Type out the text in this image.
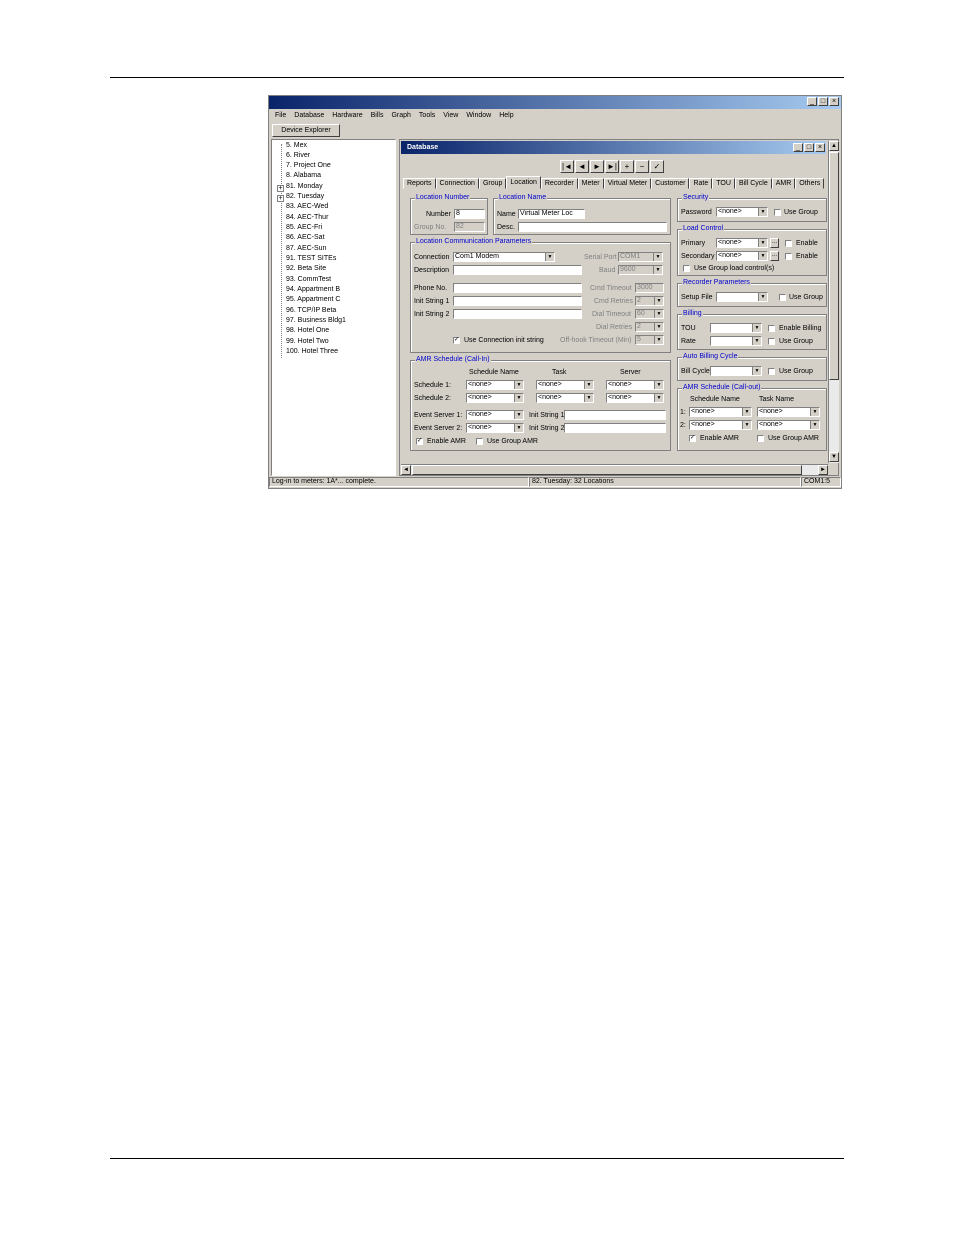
_ □ ×
File Database Hardware Bills Graph Tools View Window Help
Device Explorer
+
+
5. Mex
6. River
7. Project One
8. Alabama
81. Monday
82. Tuesday
83. AEC-Wed
84. AEC-Thur
85. AEC-Fri
86. AEC-Sat
87. AEC-Sun
91. TEST SITEs
92. Beta Site
93. CommTest
94. Appartment B
95. Appartment C
96. TCP/IP Beta
97. Business Bldg1
98. Hotel One
99. Hotel Two
100. Hotel Three
Database	_ □ ×	▲
▼
◄	►
|◄ ◄ ► ►| +	−	✓
Reports	Connection	Group	Location	Recorder	Meter	Virtual Meter	Customer	Rate	TOU	Bill Cycle	AMR	Others
Location Number
Number 8
Group No. 82
Location Name
Name Virtual Meter Loc
Desc.
Location Communication Parameters
Connection Com1 Modem	▼
Description
Serial Port COM1	▼
Baud 9600	▼
Phone No.
Init String 1
Init String 2
Cmd Timeout 3000
Cmd Retries 2	▼
Dial Timeout 60	▼
Dial Retries 2	▼
Off-hook Timeout (Min) 5	▼
✓ Use Connection init string
AMR Schedule (Call-In)
Schedule Name	Task	Server
Schedule 1: <none>	▼ <none>	▼ <none>	▼
Schedule 2: <none>	▼ <none>	▼ <none>	▼
Event Server 1: <none>	▼ Init String 1
Event Server 2: <none>	▼ Init String 2
✓ Enable AMR	Use Group AMR
Security
Password <none>	▼	Use Group
Load Control
Primary <none>	▼	...	Enable
Secondary <none>	▼	...	Enable
Use Group load control(s)
Recorder Parameters
Setup File	▼	Use Group
Billing
TOU	▼	Enable Billing
Rate	▼	Use Group
Auto Billing Cycle
Bill Cycle	▼	Use Group
AMR Schedule (Call-out)
Schedule Name	Task Name
1: <none>	▼ <none>	▼
2: <none>	▼ <none>	▼
✓ Enable AMR	Use Group AMR
Log-in to meters: 1A*... complete.	82. Tuesday: 32 Locations	COM1:5
